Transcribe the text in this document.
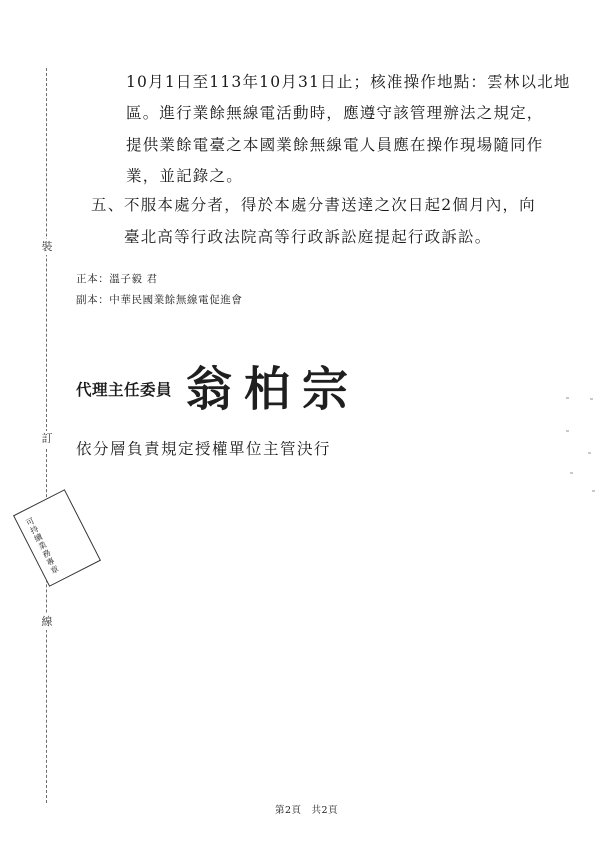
裝
訂
線
10月1日至113年10月31日止；核准操作地點：雲林以北地
區。進行業餘無線電活動時，應遵守該管理辦法之規定，
提供業餘電臺之本國業餘無線電人員應在操作現場隨同作
業，並記錄之。
五、 不服本處分者，得於本處分書送達之次日起2個月內，向
臺北高等行政法院高等行政訴訟庭提起行政訴訟。
正本：溫子毅 君
副本：中華民國業餘無線電促進會
代理主任委員 翁柏宗
依分層負責規定授權單位主管決行
可持續業務專章
第2頁 共2頁
